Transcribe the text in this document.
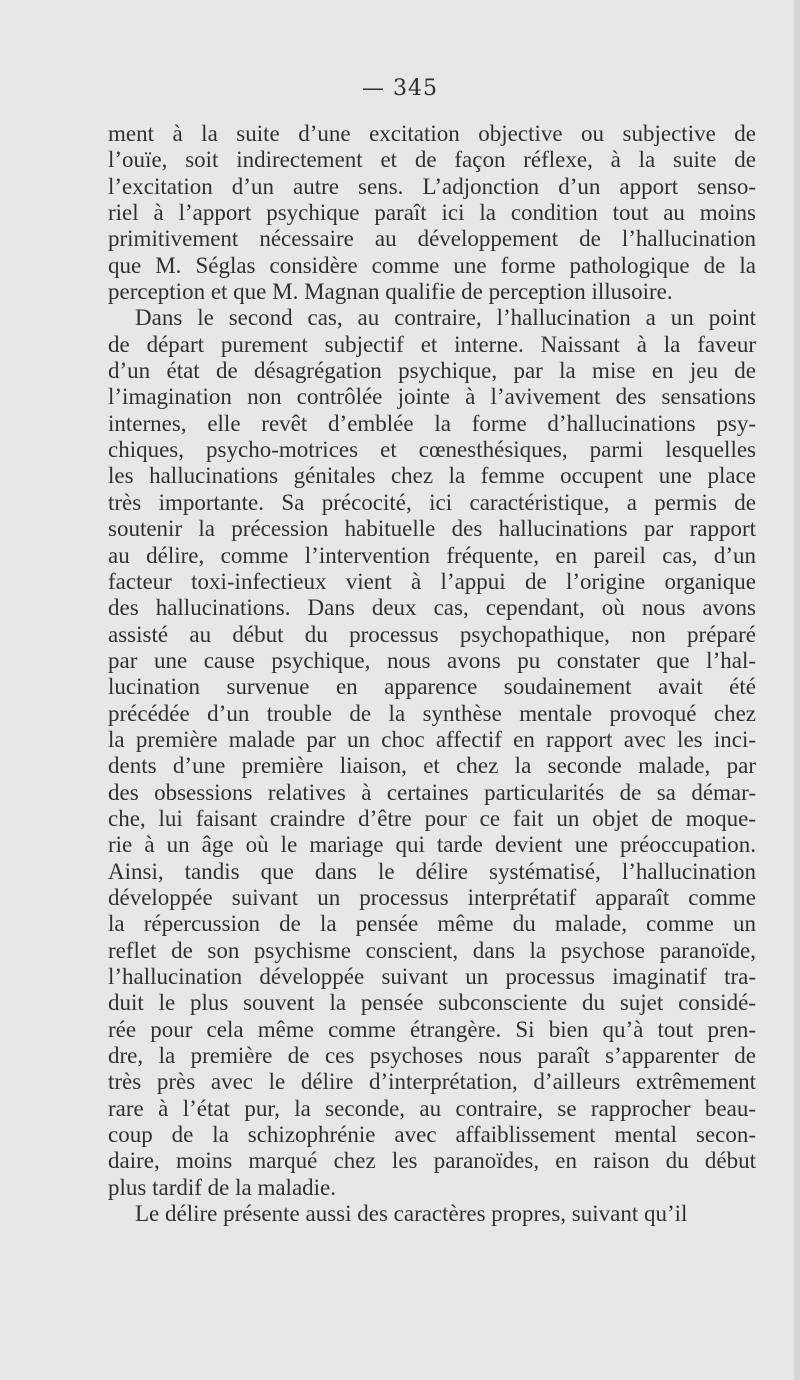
— 345
ment à la suite d’une excitation objective ou subjective de
l’ouïe, soit indirectement et de façon réflexe, à la suite de
l’excitation d’un autre sens. L’adjonction d’un apport senso-
riel à l’apport psychique paraît ici la condition tout au moins
primitivement nécessaire au développement de l’hallucination
que M. Séglas considère comme une forme pathologique de la
perception et que M. Magnan qualifie de perception illusoire.
Dans le second cas, au contraire, l’hallucination a un point
de départ purement subjectif et interne. Naissant à la faveur
d’un état de désagrégation psychique, par la mise en jeu de
l’imagination non contrôlée jointe à l’avivement des sensations
internes, elle revêt d’emblée la forme d’hallucinations psy-
chiques, psycho-motrices et cœnesthésiques, parmi lesquelles
les hallucinations génitales chez la femme occupent une place
très importante. Sa précocité, ici caractéristique, a permis de
soutenir la précession habituelle des hallucinations par rapport
au délire, comme l’intervention fréquente, en pareil cas, d’un
facteur toxi-infectieux vient à l’appui de l’origine organique
des hallucinations. Dans deux cas, cependant, où nous avons
assisté au début du processus psychopathique, non préparé
par une cause psychique, nous avons pu constater que l’hal-
lucination survenue en apparence soudainement avait été
précédée d’un trouble de la synthèse mentale provoqué chez
la première malade par un choc affectif en rapport avec les inci-
dents d’une première liaison, et chez la seconde malade, par
des obsessions relatives à certaines particularités de sa démar-
che, lui faisant craindre d’être pour ce fait un objet de moque-
rie à un âge où le mariage qui tarde devient une préoccupation.
Ainsi, tandis que dans le délire systématisé, l’hallucination
développée suivant un processus interprétatif apparaît comme
la répercussion de la pensée même du malade, comme un
reflet de son psychisme conscient, dans la psychose paranoïde,
l’hallucination développée suivant un processus imaginatif tra-
duit le plus souvent la pensée subconsciente du sujet considé-
rée pour cela même comme étrangère. Si bien qu’à tout pren-
dre, la première de ces psychoses nous paraît s’apparenter de
très près avec le délire d’interprétation, d’ailleurs extrêmement
rare à l’état pur, la seconde, au contraire, se rapprocher beau-
coup de la schizophrénie avec affaiblissement mental secon-
daire, moins marqué chez les paranoïdes, en raison du début
plus tardif de la maladie.
Le délire présente aussi des caractères propres, suivant qu’il
